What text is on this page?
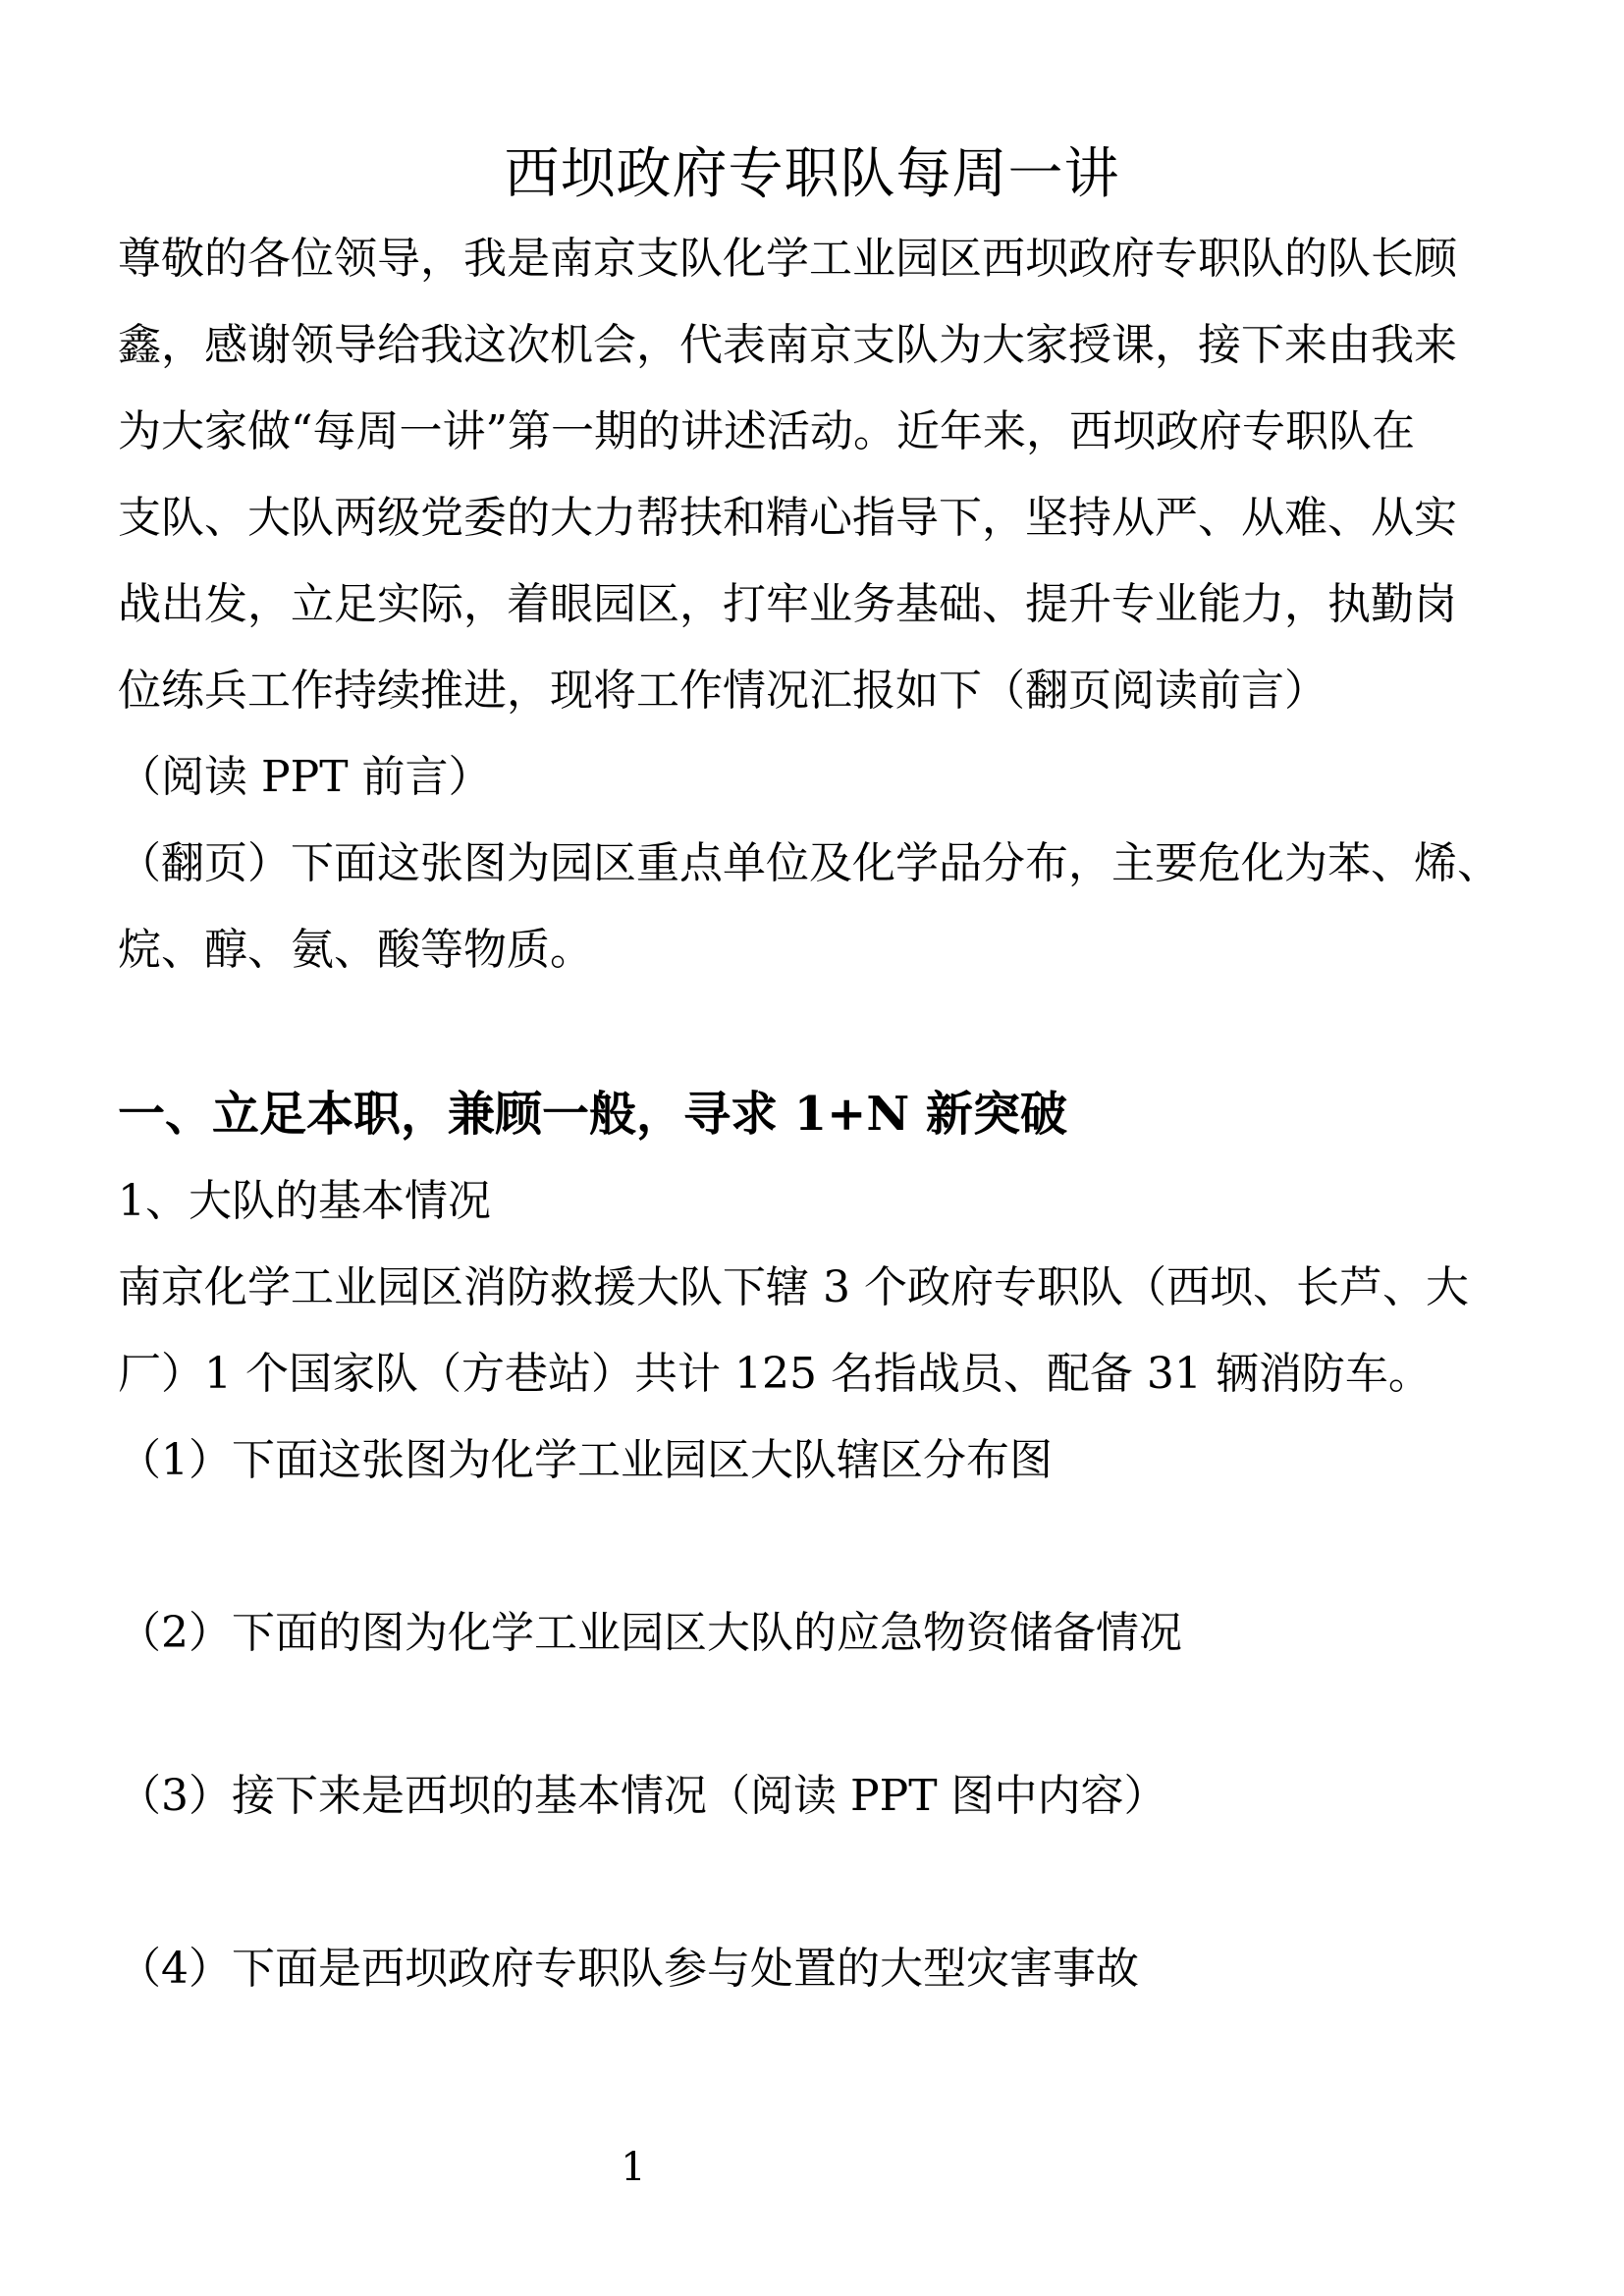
西坝政府专职队每周一讲
尊敬的各位领导，我是南京支队化学工业园区西坝政府专职队的队长顾
鑫，感谢领导给我这次机会，代表南京支队为大家授课，接下来由我来
为大家做“每周一讲”第一期的讲述活动。近年来，西坝政府专职队在
支队、大队两级党委的大力帮扶和精心指导下，坚持从严、从难、从实
战出发，立足实际，着眼园区，打牢业务基础、提升专业能力，执勤岗
位练兵工作持续推进，现将工作情况汇报如下（翻页阅读前言）
（阅读 PPT 前言）
（翻页）下面这张图为园区重点单位及化学品分布，主要危化为苯、烯、
烷、醇、氨、酸等物质。
一、立足本职，兼顾一般，寻求 1+N 新突破
1、大队的基本情况
南京化学工业园区消防救援大队下辖 3 个政府专职队（西坝、长芦、大
厂）1 个国家队（方巷站）共计 125 名指战员、配备 31 辆消防车。

（1）下面这张图为化学工业园区大队辖区分布图

（2）下面的图为化学工业园区大队的应急物资储备情况

（3）接下来是西坝的基本情况（阅读 PPT 图中内容）

（4）下面是西坝政府专职队参与处置的大型灾害事故

1
